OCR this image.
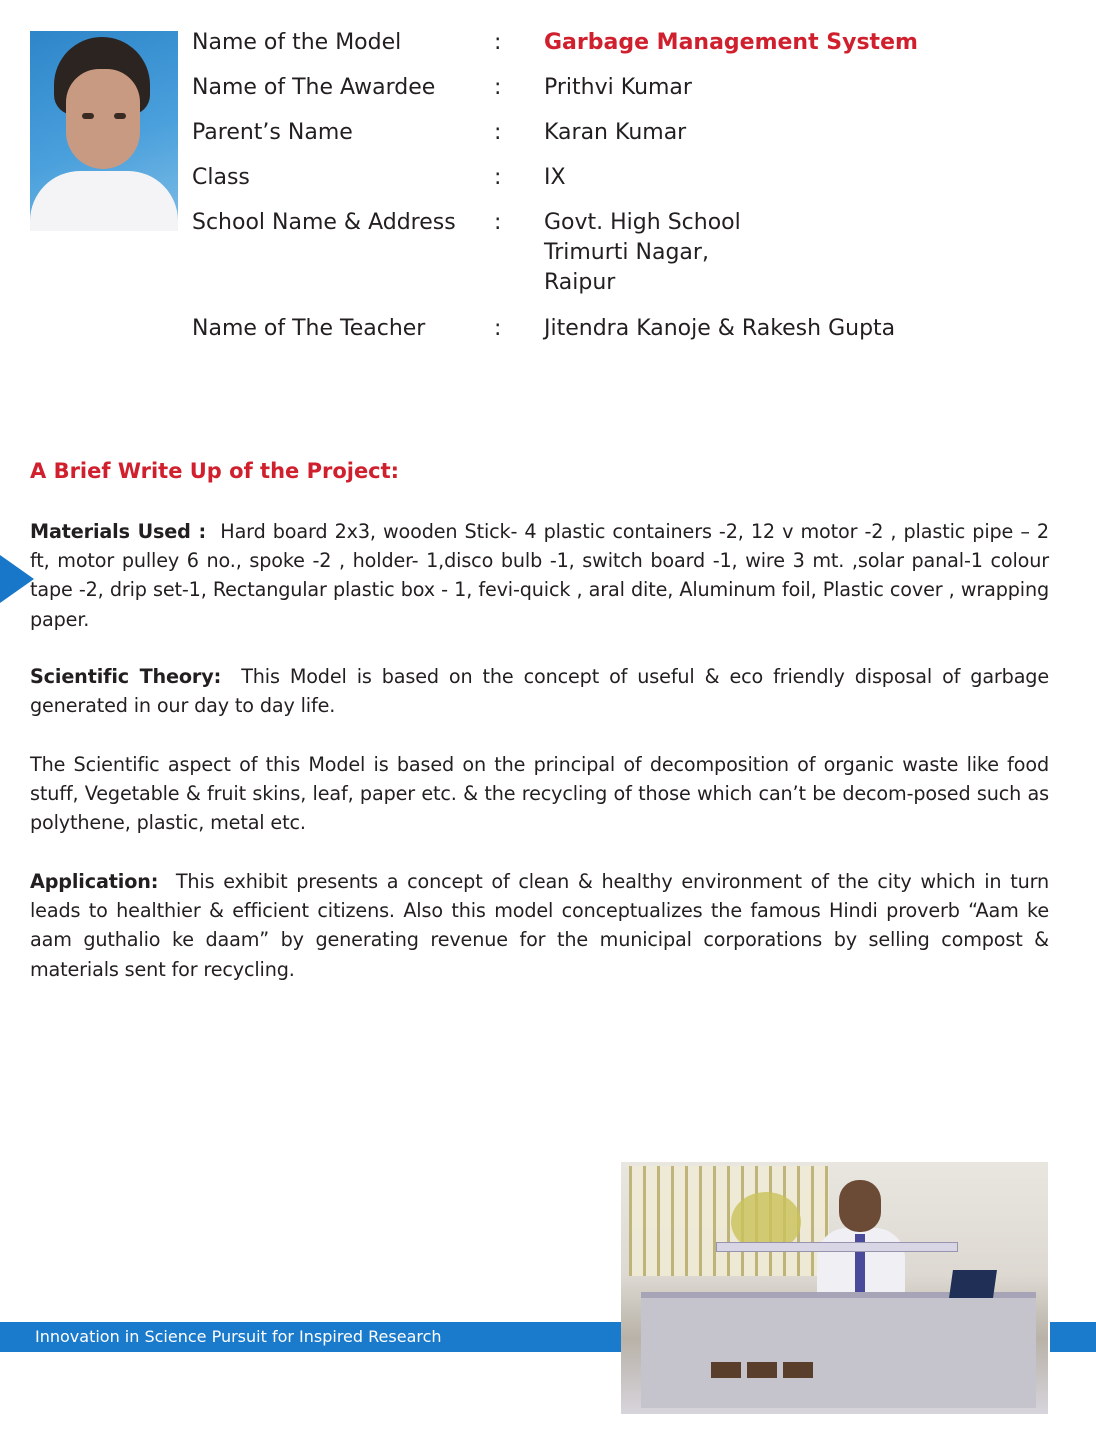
Name of the Model	: Garbage Management System
Name of The Awardee	: Prithvi Kumar
Parent’s Name	: Karan Kumar
Class	: IX
School Name & Address : Govt. High School
Trimurti Nagar,
Raipur
Name of The Teacher	: Jitendra Kanoje & Rakesh Gupta
A Brief Write Up of the Project:

Materials Used : Hard board 2x3, wooden Stick- 4 plastic containers -2, 12 v motor -2 , plastic pipe – 2 ft, motor pulley 6 no., spoke -2 , holder- 1,disco bulb -1, switch board -1, wire 3 mt. ,solar panal-1 colour tape -2, drip set-1, Rectangular plastic box - 1, fevi-quick , aral dite, Aluminum foil, Plastic cover , wrapping paper.

Scientific Theory: This Model is based on the concept of useful & eco friendly disposal of garbage generated in our day to day life.

The Scientific aspect of this Model is based on the principal of decomposition of organic waste like food stuff, Vegetable & fruit skins, leaf, paper etc. & the recycling of those which can’t be decom-posed such as polythene, plastic, metal etc.

Application: This exhibit presents a concept of clean & healthy environment of the city which in turn leads to healthier & efficient citizens. Also this model conceptualizes the famous Hindi proverb “Aam ke aam guthalio ke daam” by generating revenue for the municipal corporations by selling compost & materials sent for recycling.

Innovation in Science Pursuit for Inspired Research
